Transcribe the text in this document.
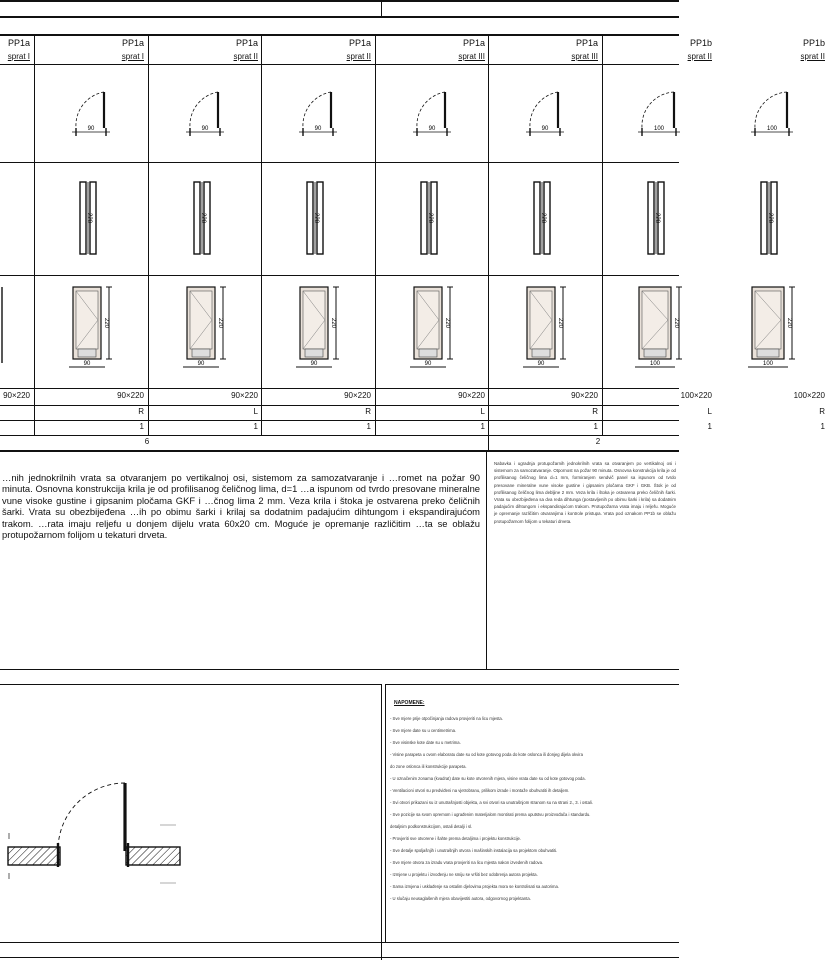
PP1a
sprat I
90×220
PP1a
sprat I
90×220
R
1
90
220
220
90
PP1a
sprat II
90×220
L
1
90
220
220
90
PP1a
sprat II
90×220
R
1
90
220
220
90
PP1a
sprat III
90×220
L
1
90
220
220
90
PP1a
sprat III
90×220
R
1
90
220
220
90
PP1b
sprat II
100×220
L
1
100
220
220
100
PP1b
sprat II
100×220
R
1
100
220
220
100
6	2
…nih jednokrilnih vrata sa otvaranjem po vertikalnoj osi, sistemom za samozatvaranje i …romet na požar 90 minuta. Osnovna konstrukcija krila je od profilisanog čeličnog lima, d=1 …a ispunom od tvrdo presovane mineralne vune visoke gustine i gipsanim pločama GKF i …čnog lima 2 mm. Veza krila i štoka je ostvarena preko čeličnih šarki. Vrata su obezbijeđena …ih po obimu šarki i krilaj sa dodatnim padajućim dihtungom i ekspandirajućom trakom. …rata imaju reljefu u donjem dijelu vrata 60x20 cm. Moguće je opremanje različitim …ta se oblažu protupožarnom folijom u tekaturi drveta.
Nabavka i ugradnja protupožarnih jednokrilnih vrata sa otvaranjem po vertikalnoj osi i sistemom za samozatvaranje. Otpornost na požar 90 minuta. Osnovna konstrukcija krila je od profilisanog čeličnog lima d=1 mm, formiranjem sendvič panel sa ispunom od tvrdo presovane mineralne vune visoke gustine i gipsanim pločama GKF i GKB. Štok je od profilisanog čeličnog lima debljine 2 mm. Veza krila i štoka je ostvarena preko čeličnih šarki. Vrata su obezbijeđena sa dva reda dihtunga (postavljenih po obimu šarki i krila) sa dodatnim padajućim dihtungom i ekspandirajućom trakom. Protupožarna vrata imaju i reljefu. Moguće je opremanje različitim otvaranjima i kontrole pristupa. Vrata pod oznakom PP1b se oblažu protupožarnom folijom u tekaturi drveta.
NAPOMENE:
- Sve mjere prije otpočinjanja radova provjeriti na licu mjesta.
- Sve mjere date su u centimetrima.
- Sve visinske kote date su u metrima.
- Visine parapeta u ovom elaboratu date su od kote gotovog poda do kote oslonca ili donjeg dijela okvira
do zone oslonca ili konstrukcije parapeta.
- U označenim zonama (kvadrat) date su kote otvorenih mjera, visine vrata date su od kote gotovog poda.
- Ventilacioni otvori su predviđeni na vjetrobranu, prilikom izrade i montaže obuhvatiti ih detaljem.
- Svi otvori prikazani su iz unutrašnjosti objekta, a svi otvori sa unutrašnjom stranom su na strani 2., 3. i ostali.
- Sve pozicije sa svom opremom i ugrađenim materijalom montirati prema uputstvu proizvođača i standardu.
detaljnim podkonstrukcijom, ostali detalji i sl.
- Provjeriti sve otvorene i šahte prema detaljima i projektu konstrukcije.
- Sve detalje spoljašnjih i unutrašnjih otvora i mašinskih instalacija sa projektom obuhvatiti.
- Sve mjere otvora za izradu vrata provjeriti na licu mjesta nakon izvedenih radova.
- Izmjene u projektu i izvođenju ne smiju se vršiti bez odobrenja autora projekta.
- Sama izmjena i usklađenje sa ostalim djelovima projekta mora se kontrolisati sa autorima.
- U slučaju neusaglašenih mjera obavijestiti autora, odgovornog projektanta.
